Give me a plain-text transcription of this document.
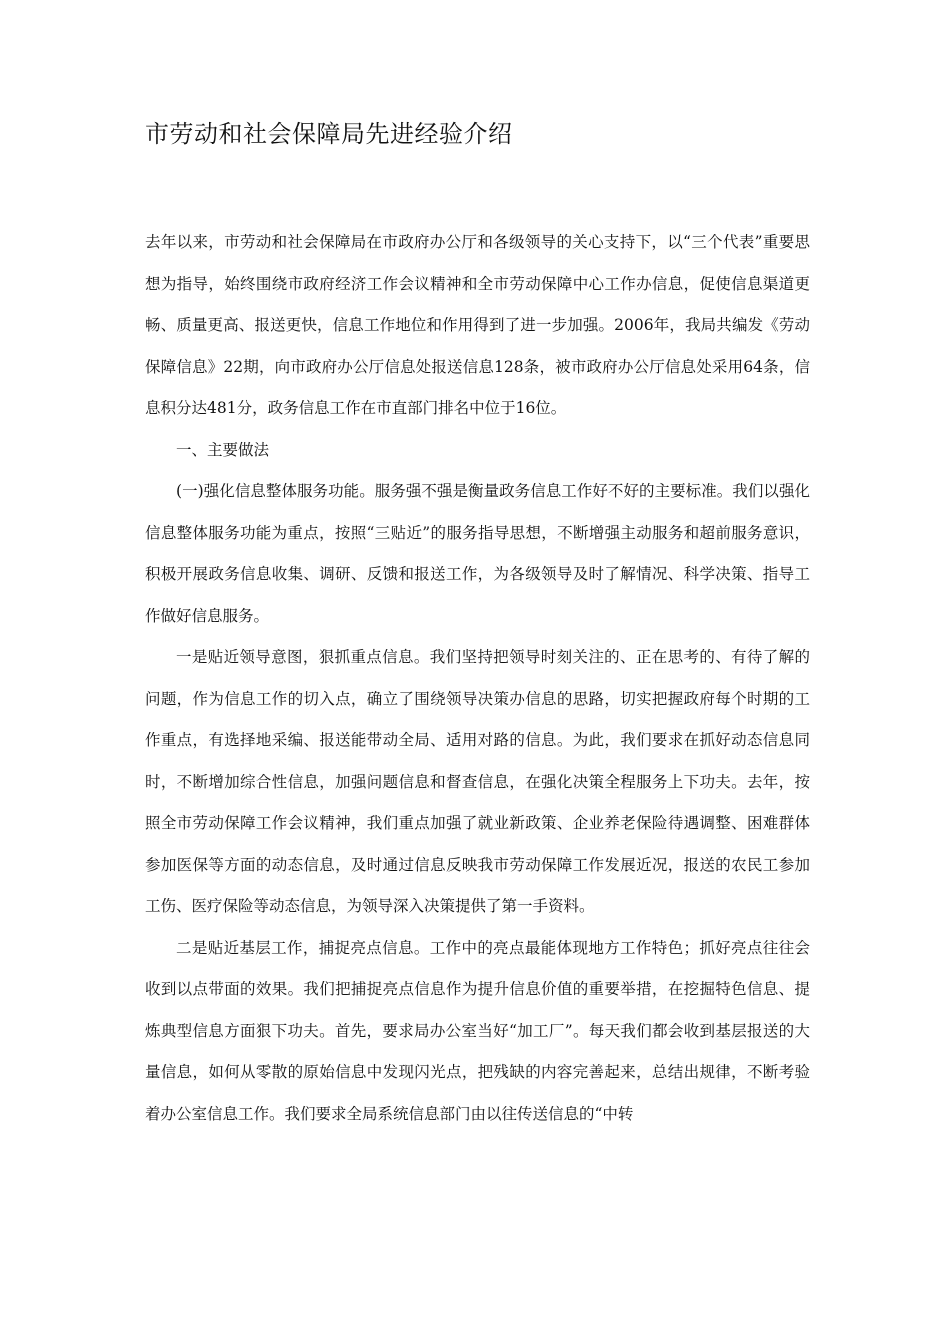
市劳动和社会保障局先进经验介绍

去年以来，市劳动和社会保障局在市政府办公厅和各级领导的关心支持下，以“三个代表”重要思想为指导，始终围绕市政府经济工作会议精神和全市劳动保障中心工作办信息，促使信息渠道更畅、质量更高、报送更快，信息工作地位和作用得到了进一步加强。2006年，我局共编发《劳动保障信息》22期，向市政府办公厅信息处报送信息128条，被市政府办公厅信息处采用64条，信息积分达481分，政务信息工作在市直部门排名中位于16位。

一、主要做法

(一)强化信息整体服务功能。服务强不强是衡量政务信息工作好不好的主要标准。我们以强化信息整体服务功能为重点，按照“三贴近”的服务指导思想，不断增强主动服务和超前服务意识，积极开展政务信息收集、调研、反馈和报送工作，为各级领导及时了解情况、科学决策、指导工作做好信息服务。

一是贴近领导意图，狠抓重点信息。我们坚持把领导时刻关注的、正在思考的、有待了解的问题，作为信息工作的切入点，确立了围绕领导决策办信息的思路，切实把握政府每个时期的工作重点，有选择地采编、报送能带动全局、适用对路的信息。为此，我们要求在抓好动态信息同时，不断增加综合性信息，加强问题信息和督查信息，在强化决策全程服务上下功夫。去年，按照全市劳动保障工作会议精神，我们重点加强了就业新政策、企业养老保险待遇调整、困难群体参加医保等方面的动态信息，及时通过信息反映我市劳动保障工作发展近况，报送的农民工参加工伤、医疗保险等动态信息，为领导深入决策提供了第一手资料。

二是贴近基层工作，捕捉亮点信息。工作中的亮点最能体现地方工作特色；抓好亮点往往会收到以点带面的效果。我们把捕捉亮点信息作为提升信息价值的重要举措，在挖掘特色信息、提炼典型信息方面狠下功夫。首先，要求局办公室当好“加工厂”。每天我们都会收到基层报送的大量信息，如何从零散的原始信息中发现闪光点，把残缺的内容完善起来，总结出规律，不断考验着办公室信息工作。我们要求全局系统信息部门由以往传送信息的“中转
